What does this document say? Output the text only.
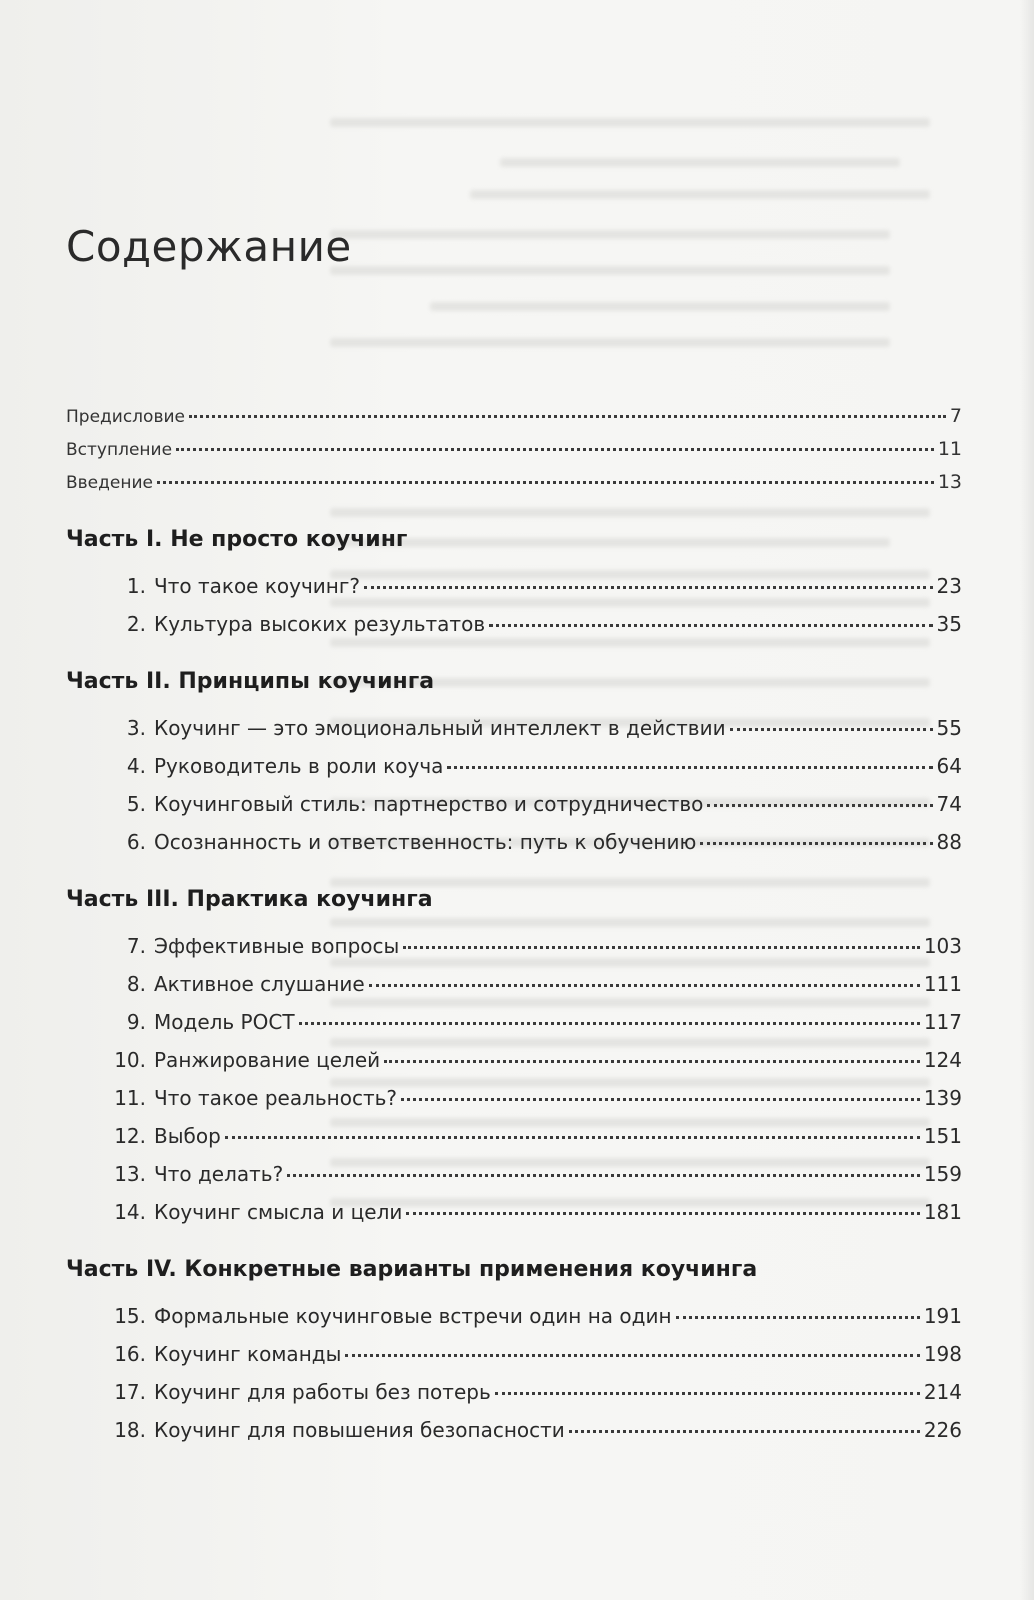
Содержание
Предисловие	7
Вступление	11
Введение	13
Часть I. Не просто коучинг
1. Что такое коучинг?	23
2. Культура высоких результатов	35
Часть II. Принципы коучинга
3. Коучинг — это эмоциональный интеллект в действии	55
4. Руководитель в роли коуча	64
5. Коучинговый стиль: партнерство и сотрудничество	74
6. Осознанность и ответственность: путь к обучению	88
Часть III. Практика коучинга
7. Эффективные вопросы	103
8. Активное слушание	111
9. Модель РОСТ	117
10. Ранжирование целей	124
11. Что такое реальность?	139
12. Выбор	151
13. Что делать?	159
14. Коучинг смысла и цели	181
Часть IV. Конкретные варианты применения коучинга
15. Формальные коучинговые встречи один на один	191
16. Коучинг команды	198
17. Коучинг для работы без потерь	214
18. Коучинг для повышения безопасности	226
